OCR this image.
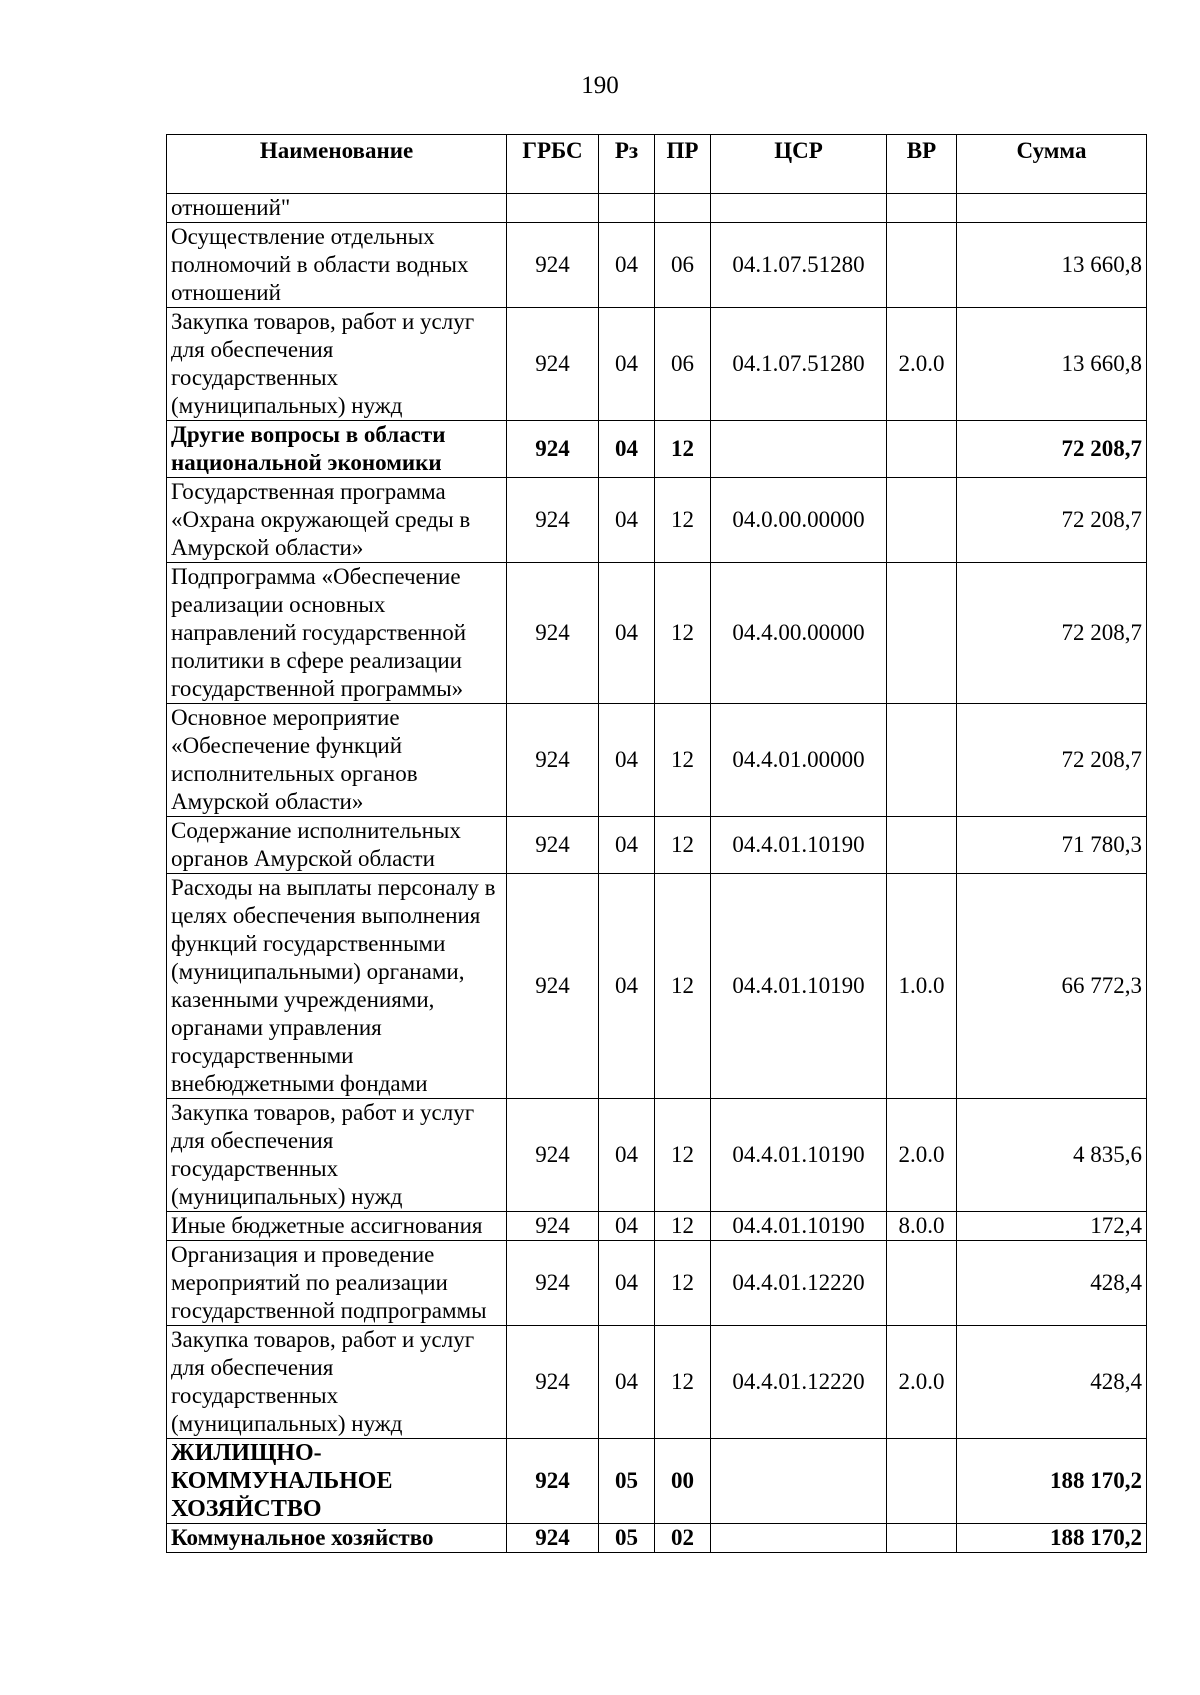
190
Наименование	ГРБС	Рз	ПР	ЦСР	ВР	Сумма
отношений"						
Осуществление отдельных полномочий в области водных отношений	924	04	06	04.1.07.51280		13 660,8
Закупка товаров, работ и услуг для обеспечения государственных (муниципальных) нужд	924	04	06	04.1.07.51280	2.0.0	13 660,8
Другие вопросы в области национальной экономики	924	04	12			72 208,7
Государственная программа «Охрана окружающей среды в Амурской области»	924	04	12	04.0.00.00000		72 208,7
Подпрограмма «Обеспечение реализации основных направлений государственной политики в сфере реализации государственной программы»	924	04	12	04.4.00.00000		72 208,7
Основное мероприятие «Обеспечение функций исполнительных органов Амурской области»	924	04	12	04.4.01.00000		72 208,7
Содержание исполнительных органов Амурской области	924	04	12	04.4.01.10190		71 780,3
Расходы на выплаты персоналу в целях обеспечения выполнения функций государственными (муниципальными) органами, казенными учреждениями, органами управления государственными внебюджетными фондами	924	04	12	04.4.01.10190	1.0.0	66 772,3
Закупка товаров, работ и услуг для обеспечения государственных (муниципальных) нужд	924	04	12	04.4.01.10190	2.0.0	4 835,6
Иные бюджетные ассигнования	924	04	12	04.4.01.10190	8.0.0	172,4
Организация и проведение мероприятий по реализации государственной подпрограммы	924	04	12	04.4.01.12220		428,4
Закупка товаров, работ и услуг для обеспечения государственных (муниципальных) нужд	924	04	12	04.4.01.12220	2.0.0	428,4
ЖИЛИЩНО-КОММУНАЛЬНОЕ ХОЗЯЙСТВО	924	05	00			188 170,2
Коммунальное хозяйство	924	05	02			188 170,2
